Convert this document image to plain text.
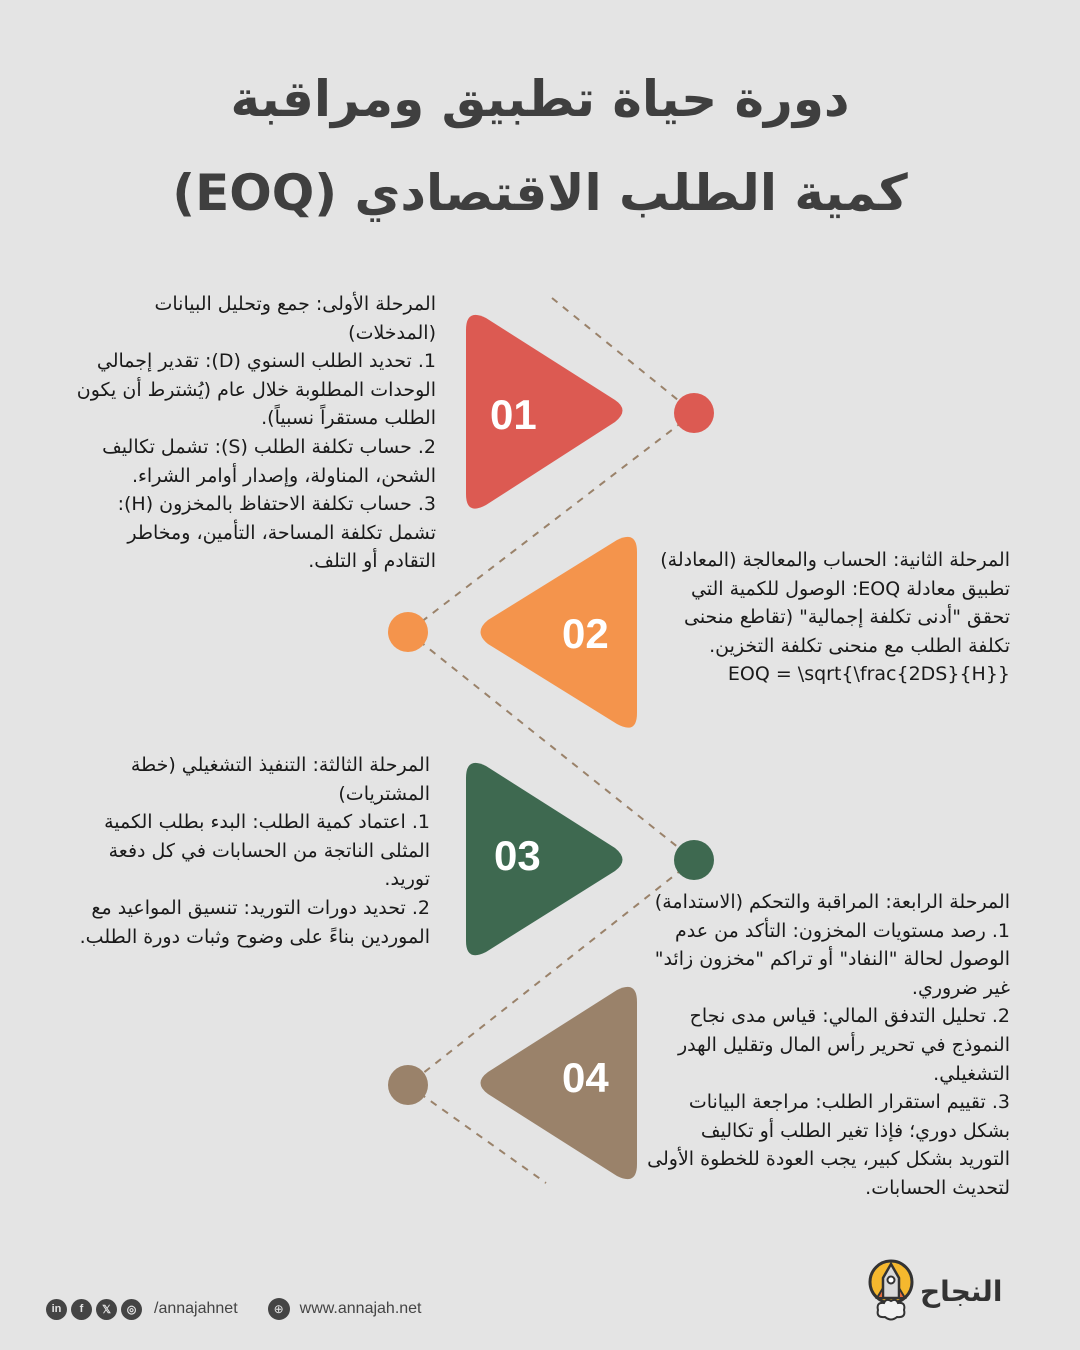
دورة حياة تطبيق ومراقبة
كمية الطلب الاقتصادي (EOQ)
01
02
03
04

المرحلة الأولى: جمع وتحليل البيانات (المدخلات)

1. تحديد الطلب السنوي (D): تقدير إجمالي الوحدات المطلوبة خلال عام (يُشترط أن يكون الطلب مستقراً نسبياً).

2. حساب تكلفة الطلب (S): تشمل تكاليف الشحن، المناولة، وإصدار أوامر الشراء.

3. حساب تكلفة الاحتفاظ بالمخزون (H): تشمل تكلفة المساحة، التأمين، ومخاطر التقادم أو التلف.	المرحلة الثانية: الحساب والمعالجة (المعادلة)

تطبيق معادلة EOQ: الوصول للكمية التي تحقق "أدنى تكلفة إجمالية" (تقاطع منحنى تكلفة الطلب مع منحنى تكلفة التخزين.

EOQ = \sqrt{\frac{2DS}{H}}

المرحلة الثالثة: التنفيذ التشغيلي (خطة المشتريات)

1. اعتماد كمية الطلب: البدء بطلب الكمية المثلى الناتجة من الحسابات في كل دفعة توريد.

2. تحديد دورات التوريد: تنسيق المواعيد مع الموردين بناءً على وضوح وثبات دورة الطلب.

المرحلة الرابعة: المراقبة والتحكم (الاستدامة)

1. رصد مستويات المخزون: التأكد من عدم الوصول لحالة "النفاد" أو تراكم "مخزون زائد" غير ضروري.

2. تحليل التدفق المالي: قياس مدى نجاح النموذج في تحرير رأس المال وتقليل الهدر التشغيلي.

3. تقييم استقرار الطلب: مراجعة البيانات بشكل دوري؛ فإذا تغير الطلب أو تكاليف التوريد بشكل كبير، يجب العودة للخطوة الأولى لتحديث الحسابات.

in	f	𝕏	◎	/annajahnet	⊕ www.annajah.net
النجاح
